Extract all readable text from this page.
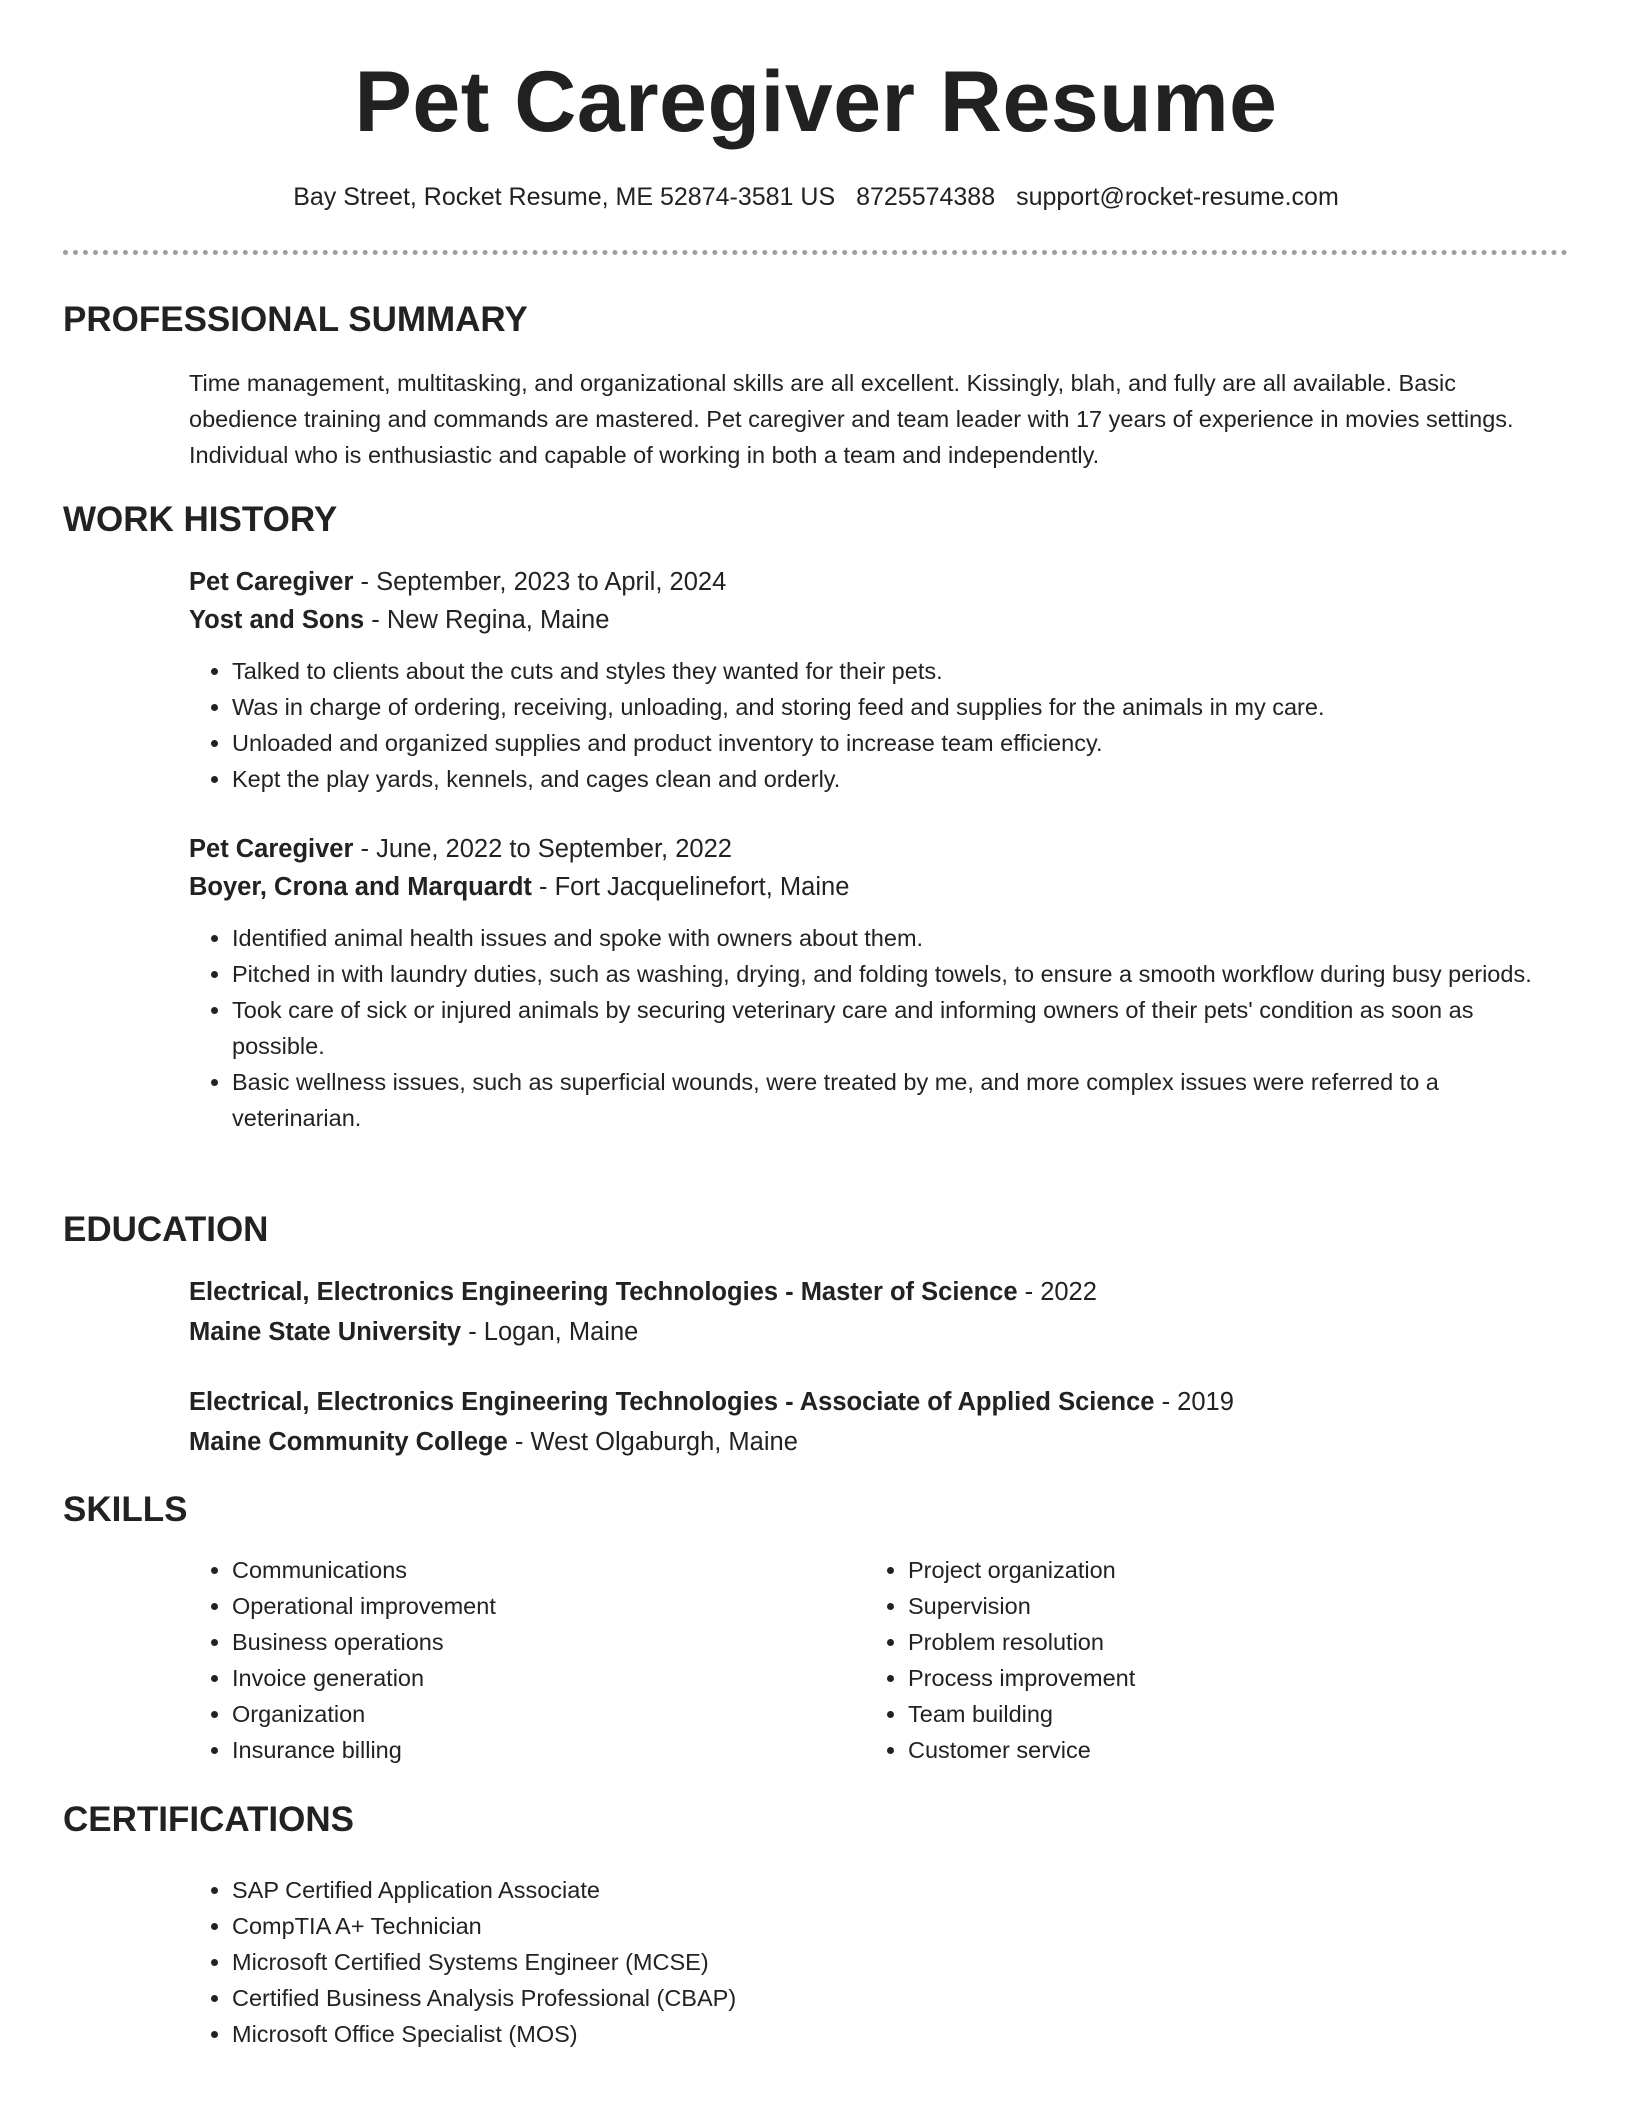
Pet Caregiver Resume
Bay Street, Rocket Resume, ME 52874-3581 US 8725574388 support@rocket-resume.com
PROFESSIONAL SUMMARY

Time management, multitasking, and organizational skills are all excellent. Kissingly, blah, and fully are all available. Basic obedience training and commands are mastered. Pet caregiver and team leader with 17 years of experience in movies settings. Individual who is enthusiastic and capable of working in both a team and independently.

WORK HISTORY
Pet Caregiver - September, 2023 to April, 2024
Yost and Sons - New Regina, Maine
• Talked to clients about the cuts and styles they wanted for their pets.
• Was in charge of ordering, receiving, unloading, and storing feed and supplies for the animals in my care.
• Unloaded and organized supplies and product inventory to increase team efficiency.
• Kept the play yards, kennels, and cages clean and orderly.
Pet Caregiver - June, 2022 to September, 2022
Boyer, Crona and Marquardt - Fort Jacquelinefort, Maine
• Identified animal health issues and spoke with owners about them.
• Pitched in with laundry duties, such as washing, drying, and folding towels, to ensure a smooth workflow during busy periods.
• Took care of sick or injured animals by securing veterinary care and informing owners of their pets' condition as soon as possible.
• Basic wellness issues, such as superficial wounds, were treated by me, and more complex issues were referred to a veterinarian.
EDUCATION
Electrical, Electronics Engineering Technologies - Master of Science - 2022
Maine State University - Logan, Maine
Electrical, Electronics Engineering Technologies - Associate of Applied Science - 2019
Maine Community College - West Olgaburgh, Maine
SKILLS
• Communications
• Operational improvement
• Business operations
• Invoice generation
• Organization
• Insurance billing
• Project organization
• Supervision
• Problem resolution
• Process improvement
• Team building
• Customer service
CERTIFICATIONS
• SAP Certified Application Associate
• CompTIA A+ Technician
• Microsoft Certified Systems Engineer (MCSE)
• Certified Business Analysis Professional (CBAP)
• Microsoft Office Specialist (MOS)
